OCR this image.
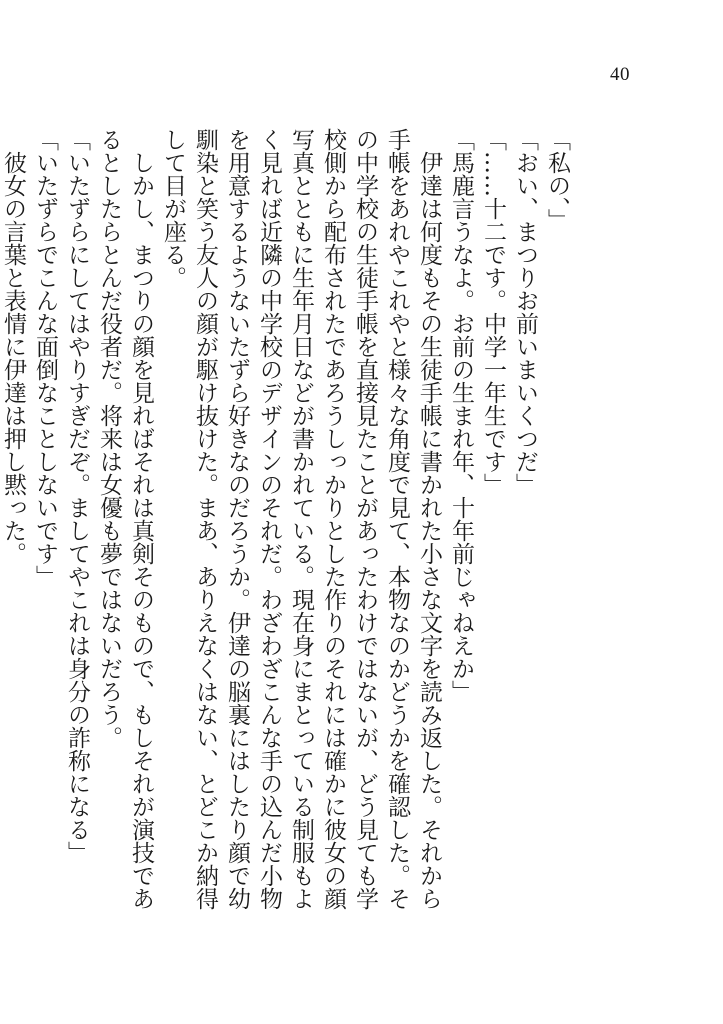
40

「私の、」

「おい、まつりお前いまいくつだ」

「……十二です。中学一年生です」

「馬鹿言うなよ。お前の生まれ年、十年前じゃねえか」

　伊達は何度もその生徒手帳に書かれた小さな文字を読み返した。それから手帳をあれやこれやと様々な角度で見て、本物なのかどうかを確認した。その中学校の生徒手帳を直接見たことがあったわけではないが、どう見ても学校側から配布されたであろうしっかりとした作りのそれには確かに彼女の顔写真とともに生年月日などが書かれている。現在身にまとっている制服もよく見れば近隣の中学校のデザインのそれだ。わざわざこんな手の込んだ小物を用意するようないたずら好きなのだろうか。伊達の脳裏にはしたり顔で幼馴染と笑う友人の顔が駆け抜けた。まあ、ありえなくはない、とどこか納得して目が座る。

　しかし、まつりの顔を見ればそれは真剣そのもので、もしそれが演技であるとしたらとんだ役者だ。将来は女優も夢ではないだろう。

「いたずらにしてはやりすぎだぞ。ましてやこれは身分の詐称になる」

「いたずらでこんな面倒なことしないです」

　彼女の言葉と表情に伊達は押し黙った。
